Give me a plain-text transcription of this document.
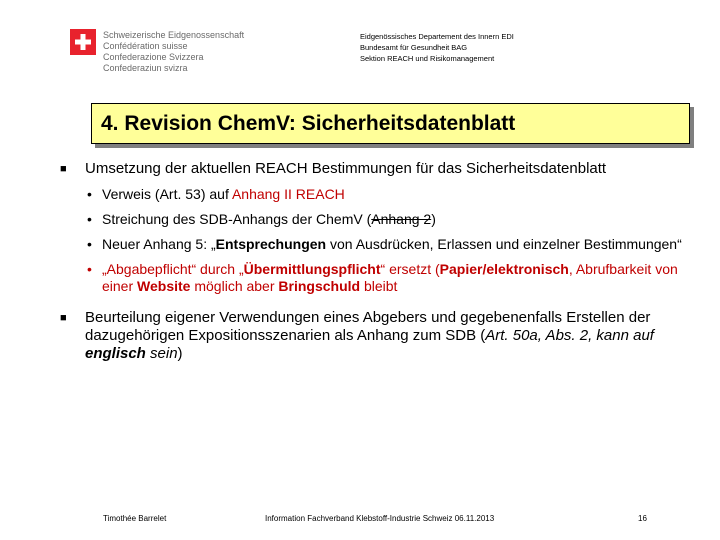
Schweizerische Eidgenossenschaft
Confédération suisse
Confederazione Svizzera
Confederaziun svizra
Eidgenössisches Departement des Innern EDI
Bundesamt für Gesundheit BAG
Sektion REACH und Risikomanagement
4. Revision ChemV: Sicherheitsdatenblatt
■ Umsetzung der aktuellen REACH Bestimmungen für das Sicherheitsdatenblatt
• Verweis (Art. 53) auf Anhang II REACH
• Streichung des SDB-Anhangs der ChemV (Anhang 2)
• Neuer Anhang 5: „Entsprechungen von Ausdrücken, Erlassen und einzelner Bestimmungen“
• „Abgabepflicht“ durch „Übermittlungspflicht“ ersetzt (Papier/elektronisch, Abrufbarkeit von einer Website möglich aber Bringschuld bleibt
■ Beurteilung eigener Verwendungen eines Abgebers und gegebenenfalls Erstellen der dazugehörigen Expositionsszenarien als Anhang zum SDB (Art. 50a, Abs. 2, kann auf englisch sein)
Timothée Barrelet	Information Fachverband Klebstoff-Industrie Schweiz 06.11.2013	16
